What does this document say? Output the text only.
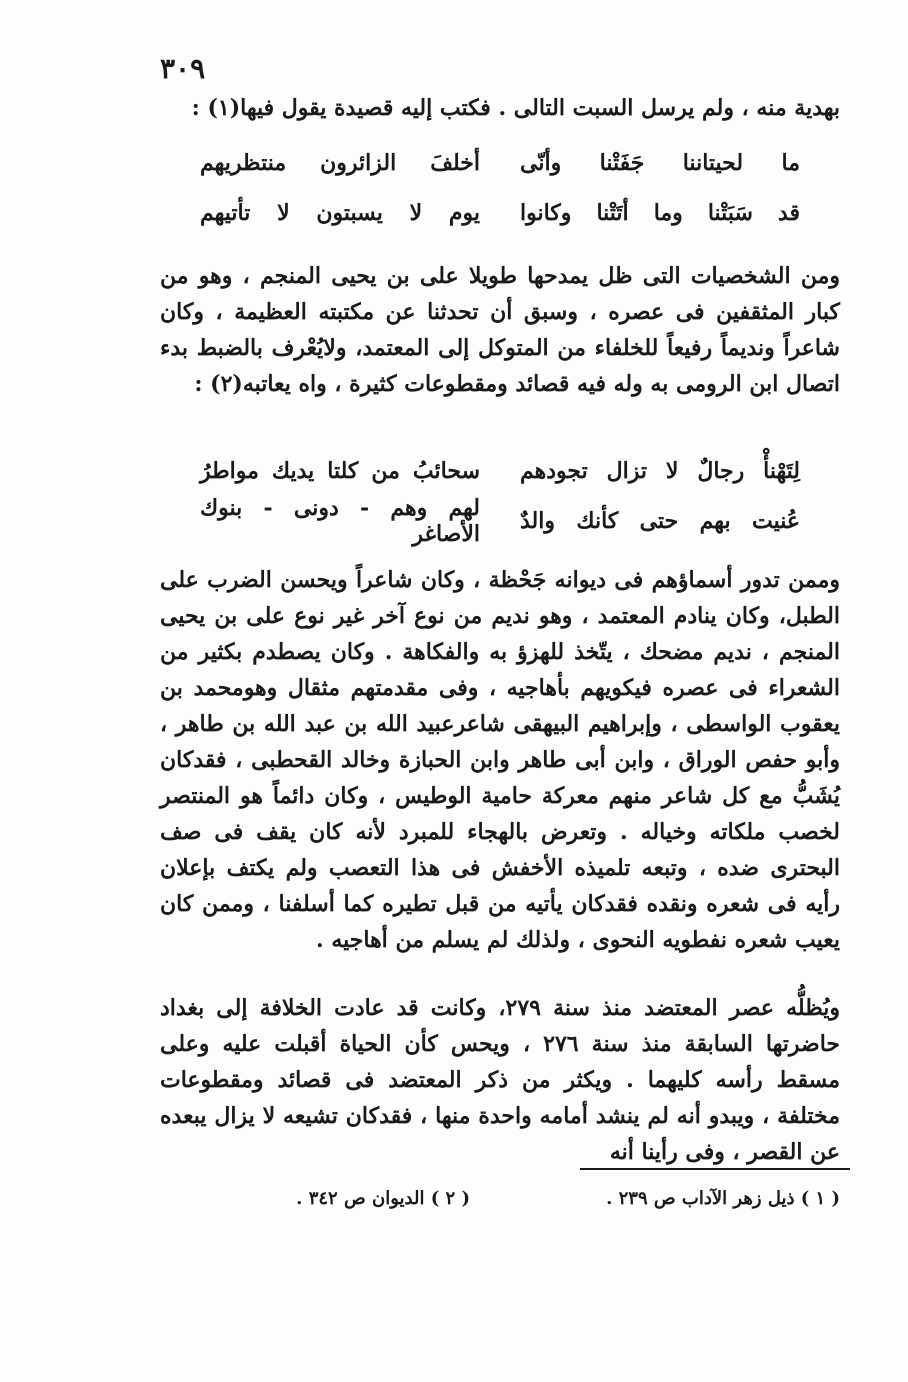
٣٠٩

بهدية منه ، ولم يرسل السبت التالى . فكتب إليه قصيدة يقول فيها(١) :

ما لحيتاننا جَفَتْنا وأنّى
أخلفَ الزائرون منتظريهم
قد سَبَتْنا وما أتَتْنا وكانوا
يوم لا يسبتون لا تأتيهم

ومن الشخصيات التى ظل يمدحها طويلا على بن يحيى المنجم ، وهو من كبار المثقفين فى عصره ، وسبق أن تحدثنا عن مكتبته العظيمة ، وكان شاعراً ونديماً رفيعاً للخلفاء من المتوكل إلى المعتمد، ولايُعْرف بالضبط بدء اتصال ابن الرومى به وله فيه قصائد ومقطوعات كثيرة ، واه يعاتبه(٢) :

لِتَهْنأْ رجالٌ لا تزال تجودهم
سحائبُ من كلتا يديك مواطرُ
عُنيت بهم حتى كأنك والدٌ
لهم وهم - دونى - بنوك الأصاغر

وممن تدور أسماؤهم فى ديوانه جَحْظة ، وكان شاعراً ويحسن الضرب على الطبل، وكان ينادم المعتمد ، وهو نديم من نوع آخر غير نوع على بن يحيى المنجم ، نديم مضحك ، يتّخذ للهزؤ به والفكاهة . وكان يصطدم بكثير من الشعراء فى عصره فيكويهم بأهاجيه ، وفى مقدمتهم مثقال وهومحمد بن يعقوب الواسطى ، وإبراهيم البيهقى شاعرعبيد الله بن عبد الله بن طاهر ، وأبو حفص الوراق ، وابن أبى طاهر وابن الحبازة وخالد القحطبى ، فقدكان يُشَبُّ مع كل شاعر منهم معركة حامية الوطيس ، وكان دائماً هو المنتصر لخصب ملكاته وخياله . وتعرض بالهجاء للمبرد لأنه كان يقف فى صف البحترى ضده ، وتبعه تلميذه الأخفش فى هذا التعصب ولم يكتف بإعلان رأيه فى شعره ونقده فقدكان يأتيه من قبل تطيره كما أسلفنا ، وممن كان يعيب شعره نفطويه النحوى ، ولذلك لم يسلم من أهاجيه .

ويُظلُّه عصر المعتضد منذ سنة ٢٧٩، وكانت قد عادت الخلافة إلى بغداد حاضرتها السابقة منذ سنة ٢٧٦ ، ويحس كأن الحياة أقبلت عليه وعلى مسقط رأسه كليهما . ويكثر من ذكر المعتضد فى قصائد ومقطوعات مختلفة ، ويبدو أنه لم ينشد أمامه واحدة منها ، فقدكان تشيعه لا يزال يبعده عن القصر ، وفى رأينا أنه

( ١ ) ذيل زهر الآداب ص ٢٣٩ .
( ٢ ) الديوان ص ٣٤٢ .
